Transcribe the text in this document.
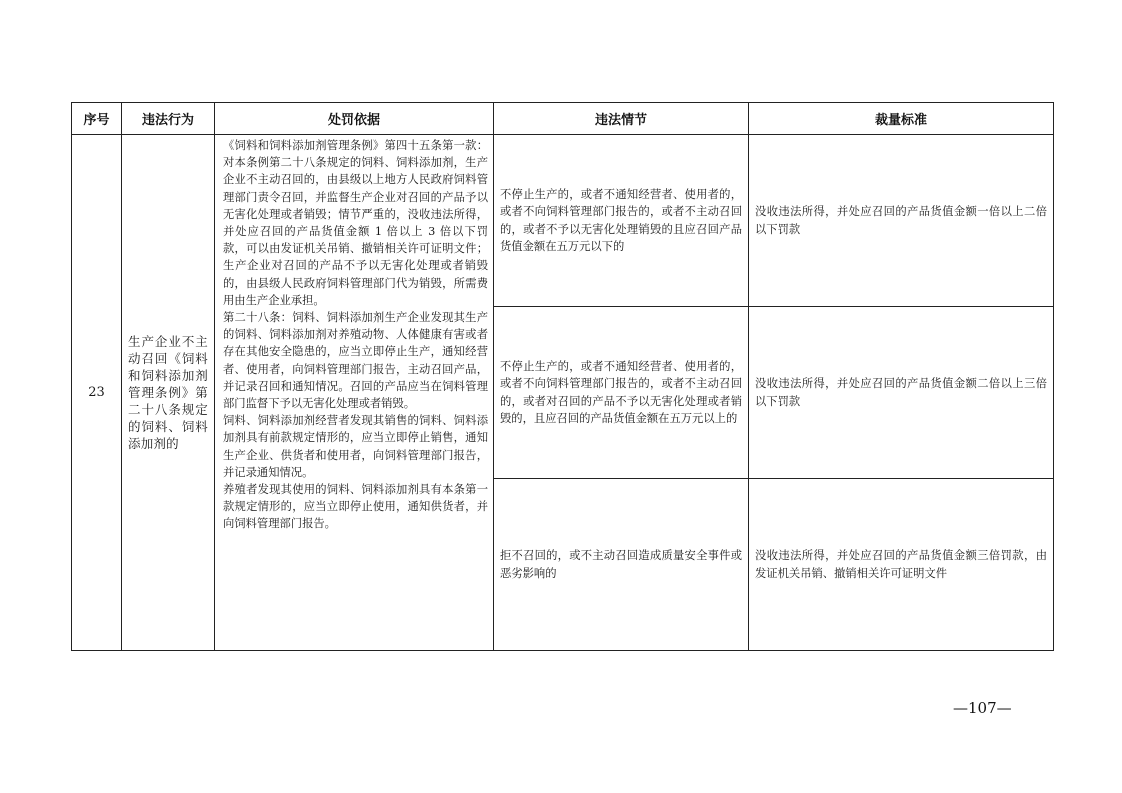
序号	违法行为	处罚依据	违法情节	裁量标准
23	生产企业不主动召回《饲料和饲料添加剂管理条例》第二十八条规定的饲料、饲料添加剂的	《饲料和饲料添加剂管理条例》第四十五条第一款：对本条例第二十八条规定的饲料、饲料添加剂，生产企业不主动召回的，由县级以上地方人民政府饲料管理部门责令召回，并监督生产企业对召回的产品予以无害化处理或者销毁；情节严重的，没收违法所得，并处应召回的产品货值金额 1 倍以上 3 倍以下罚款，可以由发证机关吊销、撤销相关许可证明文件；生产企业对召回的产品不予以无害化处理或者销毁的，由县级人民政府饲料管理部门代为销毁，所需费用由生产企业承担。
第二十八条：饲料、饲料添加剂生产企业发现其生产的饲料、饲料添加剂对养殖动物、人体健康有害或者存在其他安全隐患的，应当立即停止生产，通知经营者、使用者，向饲料管理部门报告，主动召回产品，并记录召回和通知情况。召回的产品应当在饲料管理部门监督下予以无害化处理或者销毁。
饲料、饲料添加剂经营者发现其销售的饲料、饲料添加剂具有前款规定情形的，应当立即停止销售，通知生产企业、供货者和使用者，向饲料管理部门报告，并记录通知情况。
养殖者发现其使用的饲料、饲料添加剂具有本条第一款规定情形的，应当立即停止使用，通知供货者，并向饲料管理部门报告。	不停止生产的，或者不通知经营者、使用者的，或者不向饲料管理部门报告的，或者不主动召回的，或者不予以无害化处理销毁的且应召回产品货值金额在五万元以下的	没收违法所得，并处应召回的产品货值金额一倍以上二倍以下罚款
			不停止生产的，或者不通知经营者、使用者的，或者不向饲料管理部门报告的，或者不主动召回的，或者对召回的产品不予以无害化处理或者销毁的，且应召回的产品货值金额在五万元以上的	没收违法所得，并处应召回的产品货值金额二倍以上三倍以下罚款
			拒不召回的，或不主动召回造成质量安全事件或恶劣影响的	没收违法所得，并处应召回的产品货值金额三倍罚款，由发证机关吊销、撤销相关许可证明文件
—107—
